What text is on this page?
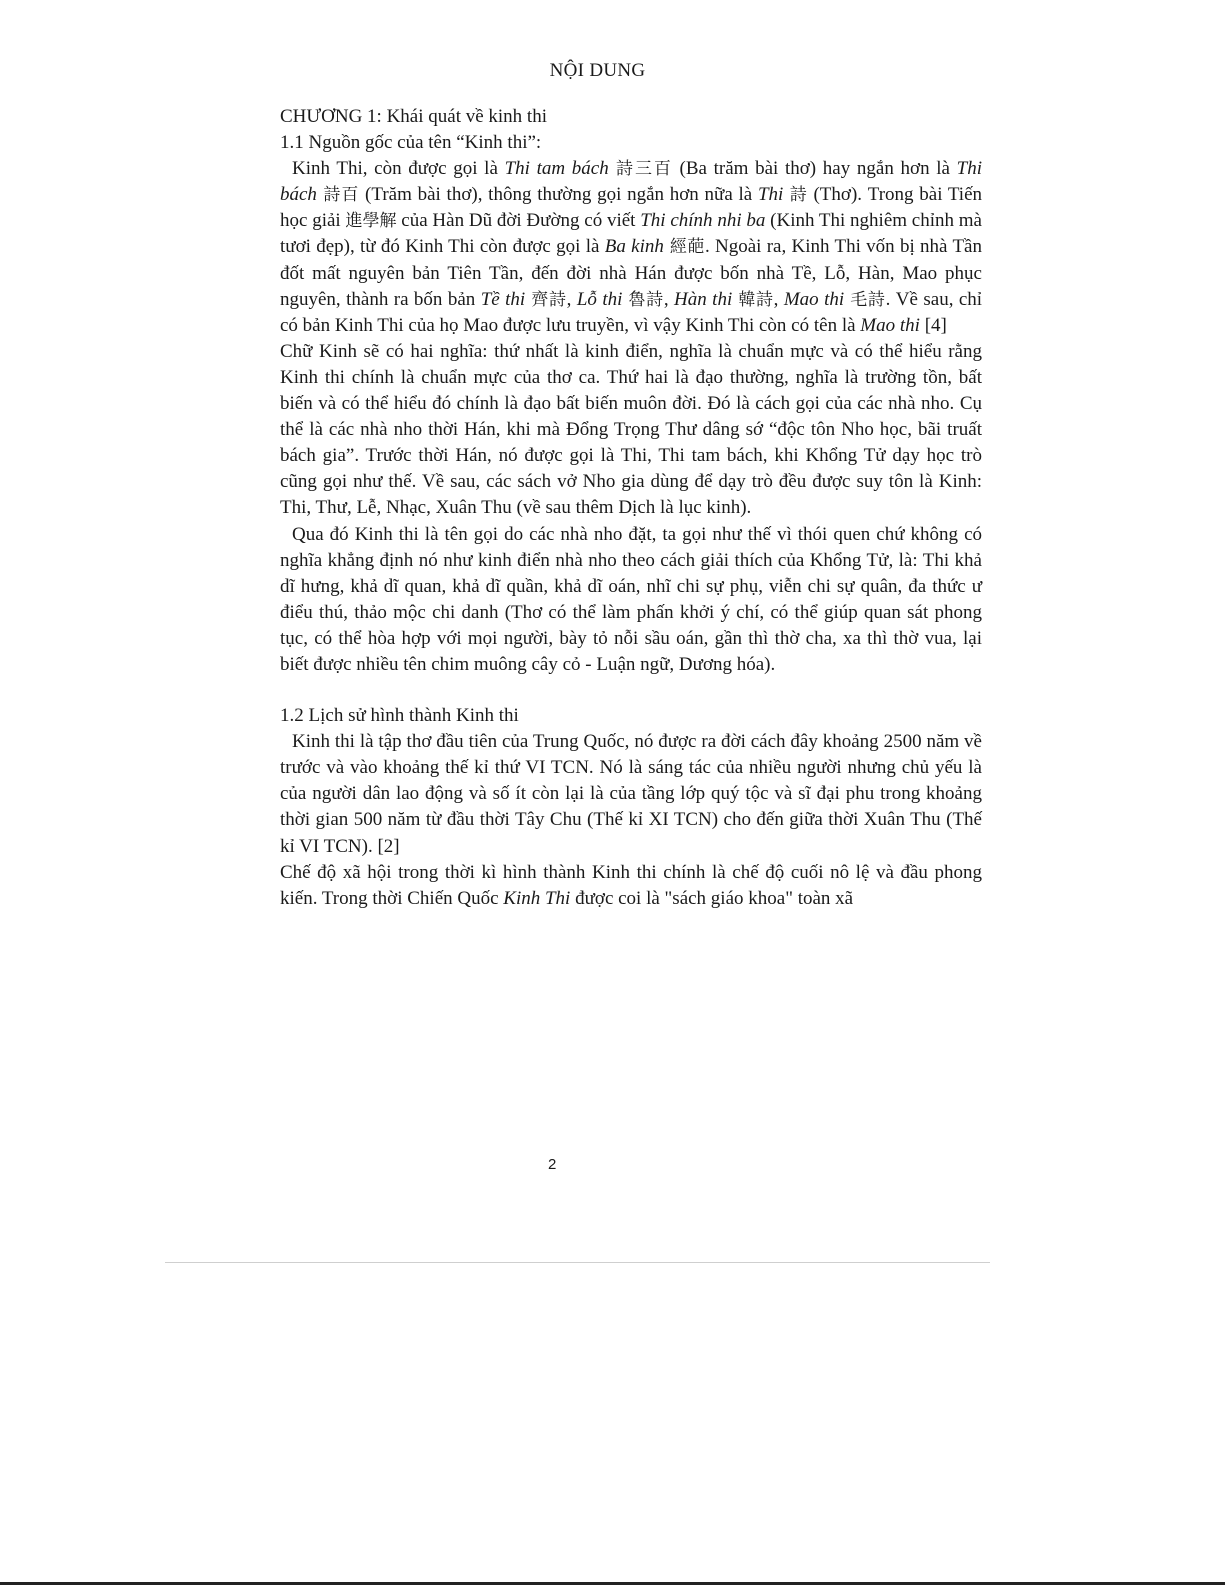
NỘI DUNG

CHƯƠNG 1: Khái quát về kinh thi

1.1 Nguồn gốc của tên “Kinh thi”:

Kinh Thi, còn được gọi là Thi tam bách 詩三百 (Ba trăm bài thơ) hay ngắn hơn là Thi bách 詩百 (Trăm bài thơ), thông thường gọi ngắn hơn nữa là Thi 詩 (Thơ). Trong bài Tiến học giải 進學解 của Hàn Dũ đời Đường có viết Thi chính nhi ba (Kinh Thi nghiêm chỉnh mà tươi đẹp), từ đó Kinh Thi còn được gọi là Ba kinh 經葩. Ngoài ra, Kinh Thi vốn bị nhà Tần đốt mất nguyên bản Tiên Tần, đến đời nhà Hán được bốn nhà Tề, Lỗ, Hàn, Mao phục nguyên, thành ra bốn bản Tề thi 齊詩, Lỗ thi 魯詩, Hàn thi 韓詩, Mao thi 毛詩. Về sau, chỉ có bản Kinh Thi của họ Mao được lưu truyền, vì vậy Kinh Thi còn có tên là Mao thi [4]

Chữ Kinh sẽ có hai nghĩa: thứ nhất là kinh điển, nghĩa là chuẩn mực và có thể hiểu rằng Kinh thi chính là chuẩn mực của thơ ca. Thứ hai là đạo thường, nghĩa là trường tồn, bất biến và có thể hiểu đó chính là đạo bất biến muôn đời. Đó là cách gọi của các nhà nho. Cụ thể là các nhà nho thời Hán, khi mà Đổng Trọng Thư dâng sớ “độc tôn Nho học, bãi truất bách gia”. Trước thời Hán, nó được gọi là Thi, Thi tam bách, khi Khổng Tử dạy học trò cũng gọi như thế. Về sau, các sách vở Nho gia dùng để dạy trò đều được suy tôn là Kinh: Thi, Thư, Lễ, Nhạc, Xuân Thu (về sau thêm Dịch là lục kinh).

Qua đó Kinh thi là tên gọi do các nhà nho đặt, ta gọi như thế vì thói quen chứ không có nghĩa khẳng định nó như kinh điển nhà nho theo cách giải thích của Khổng Tử, là: Thi khả dĩ hưng, khả dĩ quan, khả dĩ quần, khả dĩ oán, nhĩ chi sự phụ, viễn chi sự quân, đa thức ư điểu thú, thảo mộc chi danh (Thơ có thể làm phấn khởi ý chí, có thể giúp quan sát phong tục, có thể hòa hợp với mọi người, bày tỏ nỗi sầu oán, gần thì thờ cha, xa thì thờ vua, lại biết được nhiều tên chim muông cây cỏ - Luận ngữ, Dương hóa).

1.2 Lịch sử hình thành Kinh thi

Kinh thi là tập thơ đầu tiên của Trung Quốc, nó được ra đời cách đây khoảng 2500 năm về trước và vào khoảng thế kỉ thứ VI TCN. Nó là sáng tác của nhiều người nhưng chủ yếu là của người dân lao động và số ít còn lại là của tầng lớp quý tộc và sĩ đại phu trong khoảng thời gian 500 năm từ đầu thời Tây Chu (Thế kỉ XI TCN) cho đến giữa thời Xuân Thu (Thế kỉ VI TCN). [2]

Chế độ xã hội trong thời kì hình thành Kinh thi chính là chế độ cuối nô lệ và đầu phong kiến. Trong thời Chiến Quốc Kinh Thi được coi là "sách giáo khoa" toàn xã

2
